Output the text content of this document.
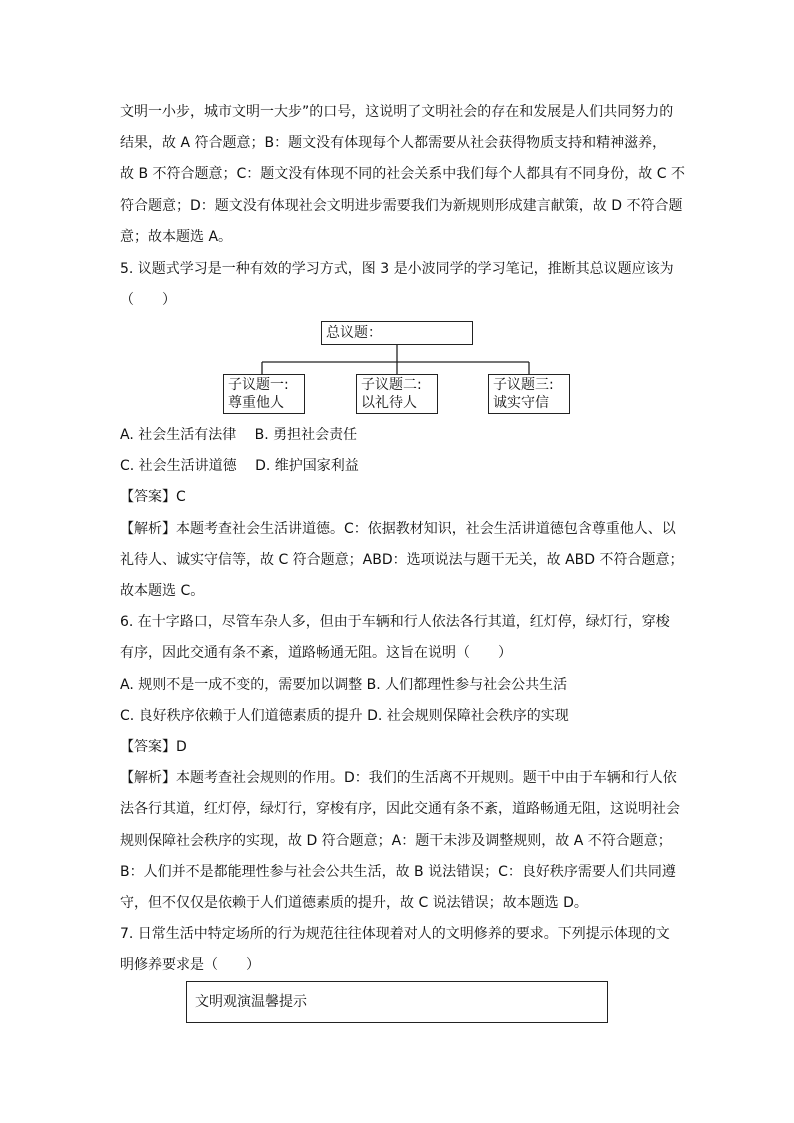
文明一小步，城市文明一大步”的口号，这说明了文明社会的存在和发展是人们共同努力的
结果，故 A 符合题意；B：题文没有体现每个人都需要从社会获得物质支持和精神滋养，
故 B 不符合题意；C：题文没有体现不同的社会关系中我们每个人都具有不同身份，故 C 不
符合题意；D：题文没有体现社会文明进步需要我们为新规则形成建言献策，故 D 不符合题
意；故本题选 A。
5. 议题式学习是一种有效的学习方式，图 3 是小波同学的学习笔记，推断其总议题应该为
（　　）
总议题：
子议题一:
尊重他人
子议题二:
以礼待人
子议题三:
诚实守信
A. 社会生活有法律　 B. 勇担社会责任
C. 社会生活讲道德　 D. 维护国家利益
【答案】C
【解析】本题考查社会生活讲道德。C：依据教材知识，社会生活讲道德包含尊重他人、以
礼待人、诚实守信等，故 C 符合题意；ABD：选项说法与题干无关，故 ABD 不符合题意；
故本题选 C。
6. 在十字路口，尽管车杂人多，但由于车辆和行人依法各行其道，红灯停，绿灯行，穿梭
有序，因此交通有条不紊，道路畅通无阻。这旨在说明（　　）
A. 规则不是一成不变的，需要加以调整 B. 人们都理性参与社会公共生活
C. 良好秩序依赖于人们道德素质的提升 D. 社会规则保障社会秩序的实现
【答案】D
【解析】本题考查社会规则的作用。D：我们的生活离不开规则。题干中由于车辆和行人依
法各行其道，红灯停，绿灯行，穿梭有序，因此交通有条不紊，道路畅通无阻，这说明社会
规则保障社会秩序的实现，故 D 符合题意；A：题干未涉及调整规则，故 A 不符合题意；
B：人们并不是都能理性参与社会公共生活，故 B 说法错误；C：良好秩序需要人们共同遵
守，但不仅仅是依赖于人们道德素质的提升，故 C 说法错误；故本题选 D。
7. 日常生活中特定场所的行为规范往往体现着对人的文明修养的要求。下列提示体现的文
明修养要求是（　　）
文明观演温馨提示
